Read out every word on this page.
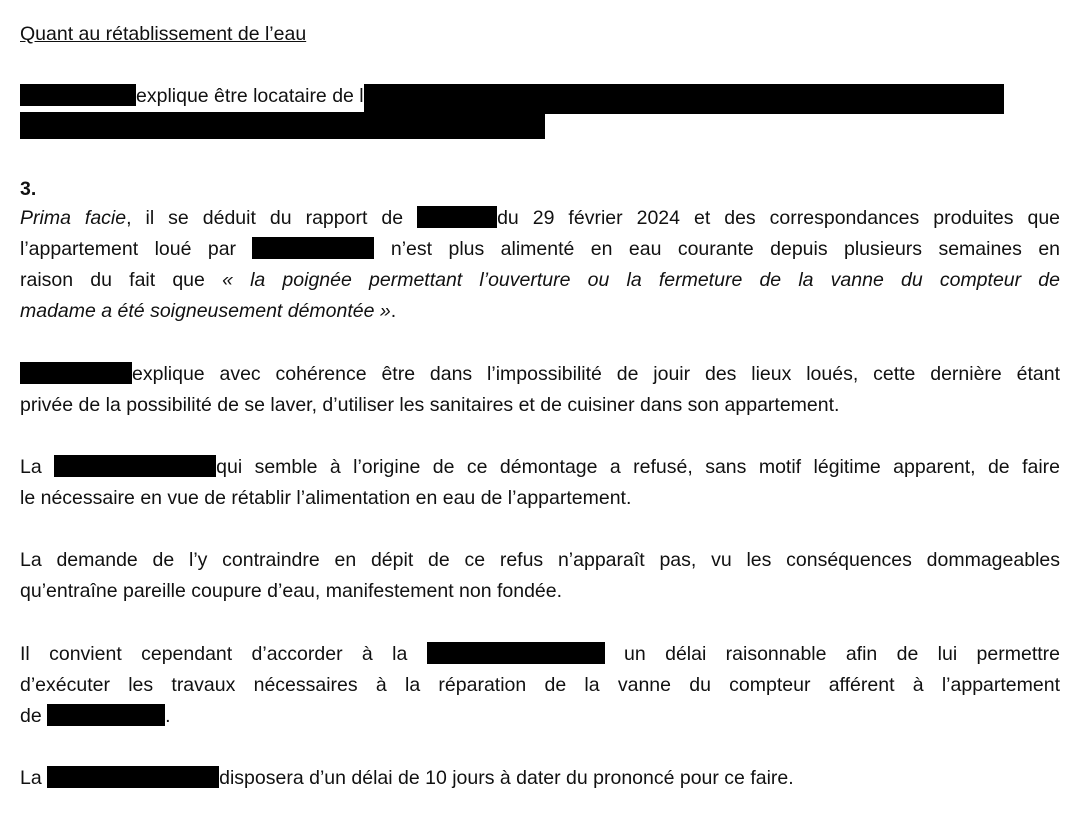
Quant au rétablissement de l’eau
explique être locataire de l
3.
Prima facie, il se déduit du rapport de	du 29 février 2024 et des correspondances produites que
l’appartement loué par	n’est plus alimenté en eau courante depuis plusieurs semaines en
raison du fait que « la poignée permettant l’ouverture ou la fermeture de la vanne du compteur de
madame a été soigneusement démontée ».
explique avec cohérence être dans l’impossibilité de jouir des lieux loués, cette dernière étant
privée de la possibilité de se laver, d’utiliser les sanitaires et de cuisiner dans son appartement.
La	qui semble à l’origine de ce démontage a refusé, sans motif légitime apparent, de faire
le nécessaire en vue de rétablir l’alimentation en eau de l’appartement.
La demande de l’y contraindre en dépit de ce refus n’apparaît pas, vu les conséquences dommageables
qu’entraîne pareille coupure d’eau, manifestement non fondée.
Il convient cependant d’accorder à la	un délai raisonnable afin de lui permettre
d’exécuter les travaux nécessaires à la réparation de la vanne du compteur afférent à l’appartement
de	.
La	disposera d’un délai de 10 jours à dater du prononcé pour ce faire.
